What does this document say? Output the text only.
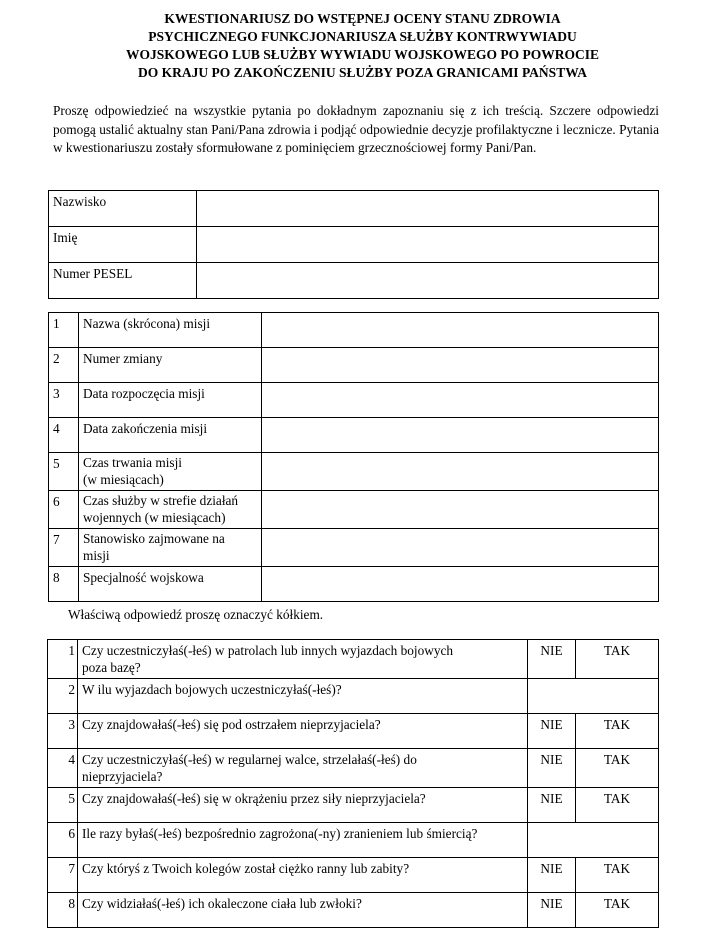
KWESTIONARIUSZ DO WSTĘPNEJ OCENY STANU ZDROWIA
PSYCHICZNEGO FUNKCJONARIUSZA SŁUŻBY KONTRWYWIADU
WOJSKOWEGO LUB SŁUŻBY WYWIADU WOJSKOWEGO PO POWROCIE
DO KRAJU PO ZAKOŃCZENIU SŁUŻBY POZA GRANICAMI PAŃSTWA
Proszę odpowiedzieć na wszystkie pytania po dokładnym zapoznaniu się z ich treścią. Szczere odpowiedzi pomogą ustalić aktualny stan Pani/Pana zdrowia i podjąć odpowiednie decyzje profilaktyczne i lecznicze. Pytania w kwestionariuszu zostały sformułowane z pominięciem grzecznościowej formy Pani/Pan.
Nazwisko	
Imię	
Numer PESEL	
1	Nazwa (skrócona) misji	
2	Numer zmiany	
3	Data rozpoczęcia misji	
4	Data zakończenia misji	
5	Czas trwania misji
(w miesiącach)	

6	Czas służby w strefie działań
wojennych (w miesiącach)	

7	Stanowisko zajmowane na
misji	

8	Specjalność wojskowa	
Właściwą odpowiedź proszę oznaczyć kółkiem.
1	Czy uczestniczyłaś(-łeś) w patrolach lub innych wyjazdach bojowych
poza bazę?	NIE	TAK
2	W ilu wyjazdach bojowych uczestniczyłaś(-łeś)?		
3	Czy znajdowałaś(-łeś) się pod ostrzałem nieprzyjaciela?	NIE	TAK
4	Czy uczestniczyłaś(-łeś) w regularnej walce, strzelałaś(-łeś) do
nieprzyjaciela?	NIE	TAK
5	Czy znajdowałaś(-łeś) się w okrążeniu przez siły nieprzyjaciela?	NIE	TAK
6	Ile razy byłaś(-łeś) bezpośrednio zagrożona(-ny) zranieniem lub śmiercią?		
7	Czy któryś z Twoich kolegów został ciężko ranny lub zabity?	NIE	TAK
8	Czy widziałaś(-łeś) ich okaleczone ciała lub zwłoki?	NIE	TAK
